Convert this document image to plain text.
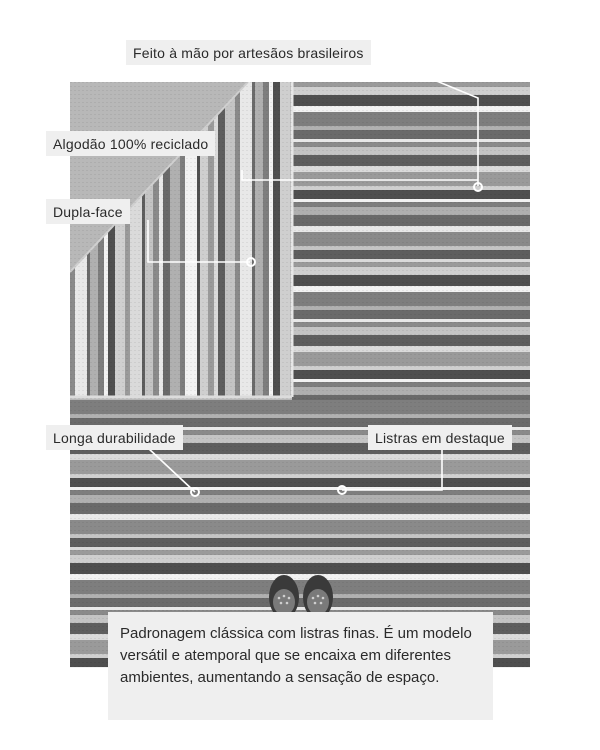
Feito à mão por artesãos brasileiros
Algodão 100% reciclado
Dupla-face
Longa durabilidade	Listras em destaque
Padronagem clássica com listras finas. É um modelo versátil e atemporal que se encaixa em diferentes ambientes, aumentando a sensação de espaço.
